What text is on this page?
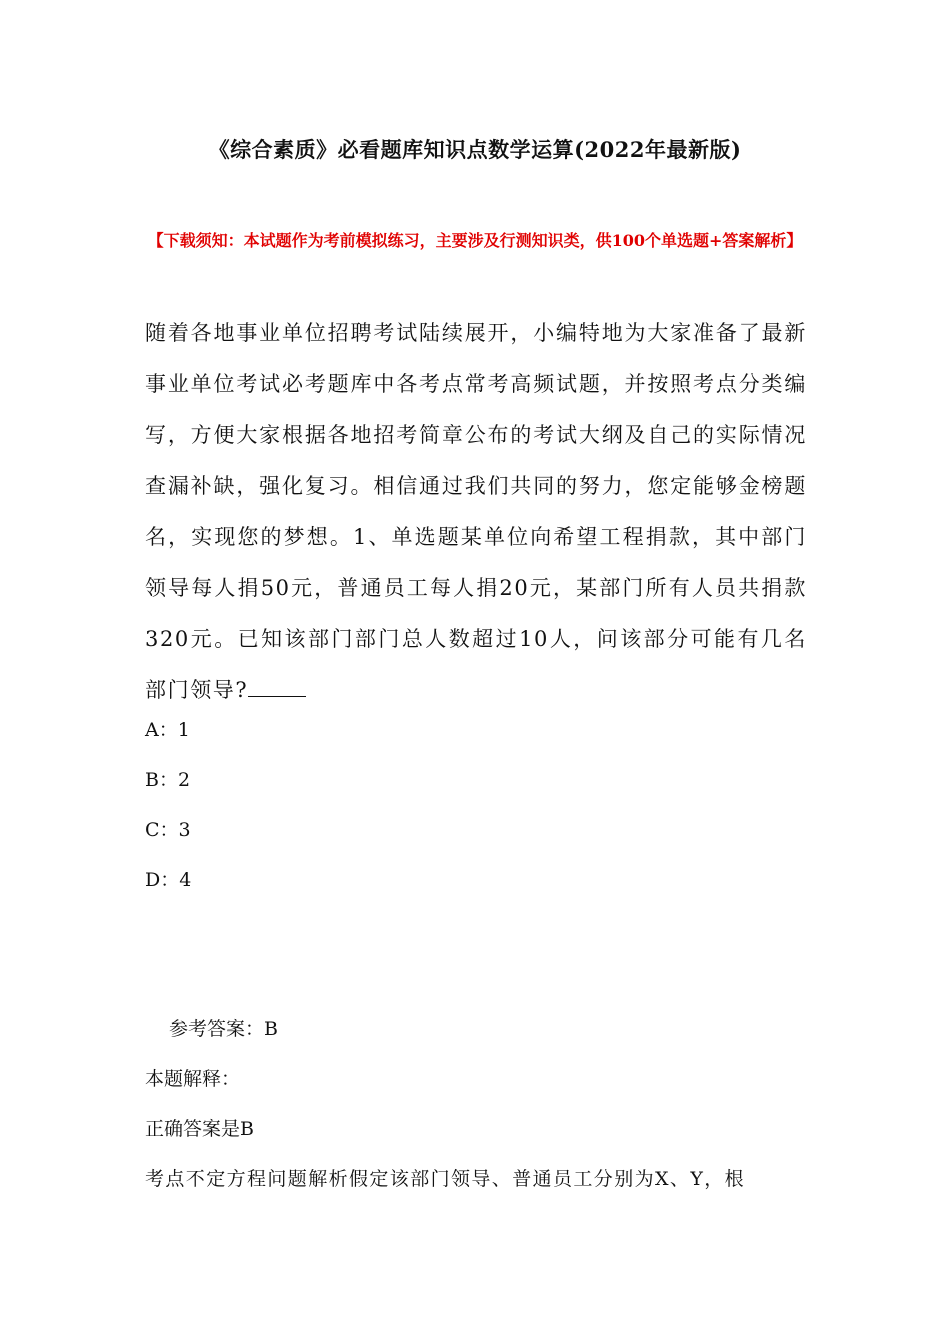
《综合素质》必看题库知识点数学运算(2022年最新版)
【下载须知：本试题作为考前模拟练习，主要涉及行测知识类，供100个单选题+答案解析】
随着各地事业单位招聘考试陆续展开，小编特地为大家准备了最新事业单位考试必考题库中各考点常考高频试题，并按照考点分类编写，方便大家根据各地招考简章公布的考试大纲及自己的实际情况查漏补缺，强化复习。相信通过我们共同的努力，您定能够金榜题名，实现您的梦想。1、单选题某单位向希望工程捐款，其中部门领导每人捐50元，普通员工每人捐20元，某部门所有人员共捐款320元。已知该部门部门总人数超过10人，问该部分可能有几名部门领导?
A：1
B：2
C：3
D：4
参考答案：B
本题解释：
正确答案是B
考点不定方程问题解析假定该部门领导、普通员工分别为X、Y，根
